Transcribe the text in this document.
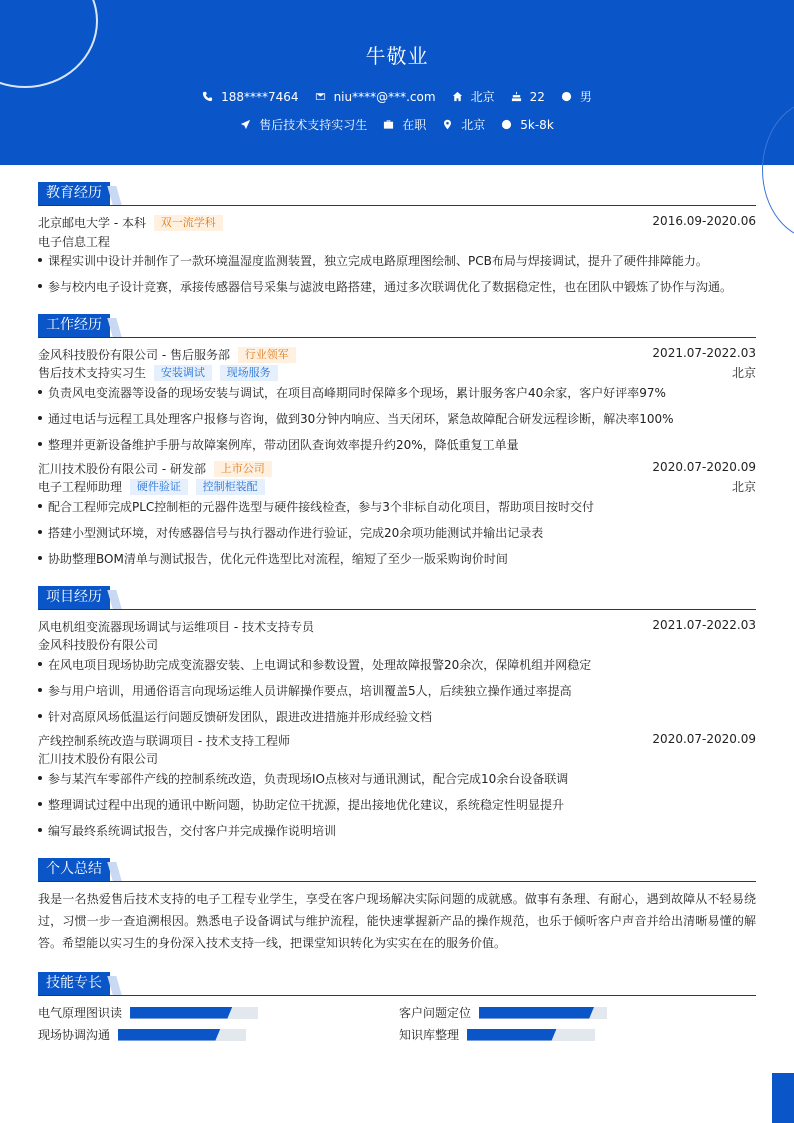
牛敬业
188****7464	niu****@***.com	北京	22	男
售后技术支持实习生	在职	北京	5k-8k
教育经历
北京邮电大学 - 本科 双一流学科	2016.09-2020.06
电子信息工程
课程实训中设计并制作了一款环境温湿度监测装置，独立完成电路原理图绘制、PCB布局与焊接调试，提升了硬件排障能力。
参与校内电子设计竞赛，承接传感器信号采集与滤波电路搭建，通过多次联调优化了数据稳定性，也在团队中锻炼了协作与沟通。
工作经历
金风科技股份有限公司 - 售后服务部 行业领军	2021.07-2022.03
售后技术支持实习生 安装调试 现场服务	北京
负责风电变流器等设备的现场安装与调试，在项目高峰期同时保障多个现场，累计服务客户40余家，客户好评率97%
通过电话与远程工具处理客户报修与咨询，做到30分钟内响应、当天闭环，紧急故障配合研发远程诊断，解决率100%
整理并更新设备维护手册与故障案例库，带动团队查询效率提升约20%，降低重复工单量
汇川技术股份有限公司 - 研发部 上市公司	2020.07-2020.09
电子工程师助理 硬件验证 控制柜装配	北京
配合工程师完成PLC控制柜的元器件选型与硬件接线检查，参与3个非标自动化项目，帮助项目按时交付
搭建小型测试环境，对传感器信号与执行器动作进行验证，完成20余项功能测试并输出记录表
协助整理BOM清单与测试报告，优化元件选型比对流程，缩短了至少一版采购询价时间
项目经历
风电机组变流器现场调试与运维项目 - 技术支持专员	2021.07-2022.03
金风科技股份有限公司
在风电项目现场协助完成变流器安装、上电调试和参数设置，处理故障报警20余次，保障机组并网稳定
参与用户培训，用通俗语言向现场运维人员讲解操作要点，培训覆盖5人，后续独立操作通过率提高
针对高原风场低温运行问题反馈研发团队，跟进改进措施并形成经验文档
产线控制系统改造与联调项目 - 技术支持工程师	2020.07-2020.09
汇川技术股份有限公司
参与某汽车零部件产线的控制系统改造，负责现场IO点核对与通讯测试，配合完成10余台设备联调
整理调试过程中出现的通讯中断问题，协助定位干扰源，提出接地优化建议，系统稳定性明显提升
编写最终系统调试报告，交付客户并完成操作说明培训
个人总结
我是一名热爱售后技术支持的电子工程专业学生，享受在客户现场解决实际问题的成就感。做事有条理、有耐心，遇到故障从不轻易绕过，习惯一步一查追溯根因。熟悉电子设备调试与维护流程，能快速掌握新产品的操作规范，也乐于倾听客户声音并给出清晰易懂的解答。希望能以实习生的身份深入技术支持一线，把课堂知识转化为实实在在的服务价值。
技能专长
电气原理图识读	客户问题定位
现场协调沟通	知识库整理
